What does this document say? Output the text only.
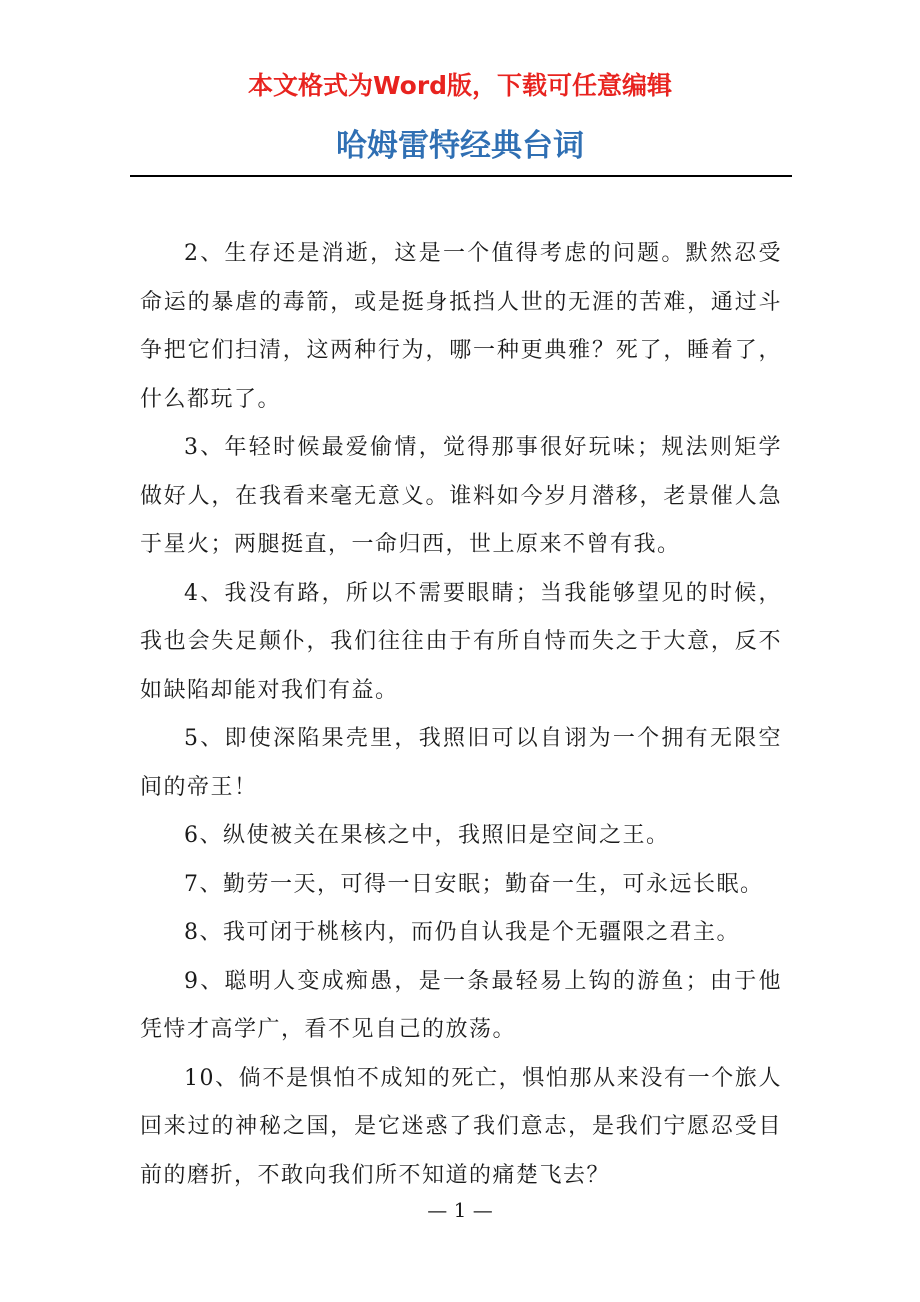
本文格式为Word版，下载可任意编辑
哈姆雷特经典台词

2、生存还是消逝，这是一个值得考虑的问题。默然忍受命运的暴虐的毒箭，或是挺身抵挡人世的无涯的苦难，通过斗争把它们扫清，这两种行为，哪一种更典雅？死了，睡着了，什么都玩了。

3、年轻时候最爱偷情，觉得那事很好玩味；规法则矩学做好人，在我看来毫无意义。谁料如今岁月潜移，老景催人急于星火；两腿挺直，一命归西，世上原来不曾有我。

4、我没有路，所以不需要眼睛；当我能够望见的时候，我也会失足颠仆，我们往往由于有所自恃而失之于大意，反不如缺陷却能对我们有益。

5、即使深陷果壳里，我照旧可以自诩为一个拥有无限空间的帝王！

6、纵使被关在果核之中，我照旧是空间之王。

7、勤劳一天，可得一日安眠；勤奋一生，可永远长眠。

8、我可闭于桃核内，而仍自认我是个无疆限之君主。

9、聪明人变成痴愚，是一条最轻易上钩的游鱼；由于他凭恃才高学广，看不见自己的放荡。

10、倘不是惧怕不成知的死亡，惧怕那从来没有一个旅人回来过的神秘之国，是它迷惑了我们意志，是我们宁愿忍受目前的磨折，不敢向我们所不知道的痛楚飞去？

— 1 —
